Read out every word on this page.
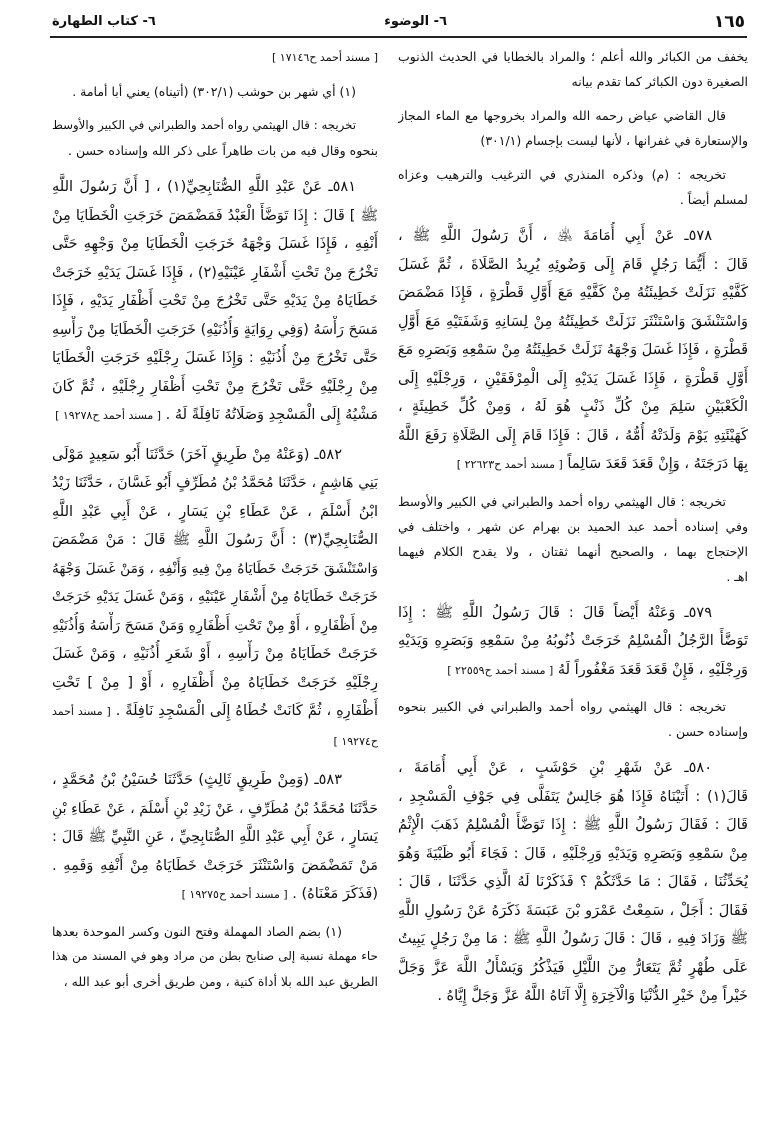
١٦٥
٦- الوضوء
٦- كتاب الطهارة
يخفف من الكبائر والله أعلم ؛ والمراد بالخطايا في الحديث الذنوب
الصغيرة دون الكبائر كما تقدم بيانه
قال القاضي عياض رحمه الله والمراد بخروجها مع الماء المجاز
والإستعارة في غفرانها ، لأنها ليست بإجسام (٣٠١/١)
تخريجه : (م) وذكره المنذري في الترغيب والترهيب وعزاه
لمسلم أيضاً .
٥٧٨ـ عَنْ أَبِي أُمَامَةَ ﵁ ، أَنَّ رَسُولَ اللَّهِ ﷺ ،
قَالَ : أَيُّمَا رَجُلٍ قَامَ إِلَى وَضُوئِهِ يُرِيدُ الصَّلَاةَ ، ثُمَّ غَسَلَ
كَفَّيْهِ نَزَلَتْ خَطِيئَتُهُ مِنْ كَفَّيْهِ مَعَ أَوَّلِ قَطْرَةٍ ، فَإِذَا مَضْمَضَ
وَاسْتَنْشَقَ وَاسْتَنْثَرَ نَزَلَتْ خَطِيئَتُهُ مِنْ لِسَانِهِ وَشَفَتَيْهِ مَعَ أَوَّلِ
قَطْرَةٍ ، فَإِذَا غَسَلَ وَجْهَهُ نَزَلَتْ خَطِيئَتُهُ مِنْ سَمْعِهِ وَبَصَرِهِ مَعَ
أَوَّلِ قَطْرَةٍ ، فَإِذَا غَسَلَ يَدَيْهِ إِلَى الْمِرْفَقَيْنِ ، وَرِجْلَيْهِ إِلَى
الْكَعْبَيْنِ سَلِمَ مِنْ كُلِّ ذَنْبٍ هُوَ لَهُ ، وَمِنْ كُلِّ خَطِيئَةٍ ،
كَهَيْئَتِهِ يَوْمَ وَلَدَتْهُ أُمُّهُ ، قَالَ : فَإِذَا قَامَ إِلَى الصَّلَاةِ رَفَعَ اللَّهُ
بِهَا دَرَجَتَهُ ، وَإِنْ قَعَدَ قَعَدَ سَالِماً [ مسند أحمد ح٢٢٦٢٣ ]
تخريجه : قال الهيثمي رواه أحمد والطبراني في الكبير والأوسط
وفي إسناده أحمد عبد الحميد بن بهرام عن شهر ، واختلف في
الإحتجاج بهما ، والصحيح أنهما ثقتان ، ولا يقدح الكلام فيهما
اهـ .
٥٧٩ـ وَعَنْهُ أَيْضاً قَالَ : قَالَ رَسُولُ اللَّهِ ﷺ : إِذَا
تَوَضَّأَ الرَّجُلُ الْمُسْلِمُ خَرَجَتْ ذُنُوبُهُ مِنْ سَمْعِهِ وَبَصَرِهِ وَيَدَيْهِ
وَرِجْلَيْهِ ، فَإِنْ قَعَدَ قَعَدَ مَغْفُوراً لَهُ [ مسند أحمد ح٢٢٥٥٩ ]
تخريجه : قال الهيثمي رواه أحمد والطبراني في الكبير بنحوه
وإسناده حسن .
٥٨٠ـ عَنْ شَهْرِ بْنِ حَوْشَبٍ ، عَنْ أَبِي أُمَامَةَ ،
قَالَ(١) : أَتَيْنَاهُ فَإِذَا هُوَ جَالِسٌ يَتَفَلَّى فِي جَوْفِ الْمَسْجِدِ ،
قَالَ : فَقَالَ رَسُولُ اللَّهِ ﷺ : إِذَا تَوَضَّأَ الْمُسْلِمُ ذَهَبَ الْإِثْمُ
مِنْ سَمْعِهِ وَبَصَرِهِ وَيَدَيْهِ وَرِجْلَيْهِ ، قَالَ : فَجَاءَ أَبُو ظَبْيَةَ وَهُوَ
يُحَدِّثُنَا ، فَقَالَ : مَا حَدَّثَكُمْ ؟ فَذَكَرْنَا لَهُ الَّذِي حَدَّثَنَا ، قَالَ :
فَقَالَ : أَجَلْ ، سَمِعْتُ عَمْرَو بْنَ عَبَسَةَ ذَكَرَهُ عَنْ رَسُولِ اللَّهِ
ﷺ وَزَادَ فِيهِ ، قَالَ : قَالَ رَسُولُ اللَّهِ ﷺ : مَا مِنْ رَجُلٍ يَبِيتُ
عَلَى طُهْرٍ ثُمَّ يَتَعَارُّ مِنَ اللَّيْلِ فَيَذْكُرُ وَيَسْأَلُ اللَّهَ عَزَّ وَجَلَّ
خَيْراً مِنْ خَيْرِ الدُّنْيَا وَالْآخِرَةِ إِلَّا آتَاهُ اللَّهُ عَزَّ وَجَلَّ إِيَّاهُ .
[ مسند أحمد ح١٧١٤٦ ]
(١) أي شهر بن حوشب (٣٠٢/١) (أتيناه) يعني أبا أمامة .
تخريجه : قال الهيثمي رواه أحمد والطبراني في الكبير والأوسط
بنحوه وقال فيه من بات طاهراً على ذكر الله وإسناده حسن .
٥٨١ـ عَنْ عَبْدِ اللَّهِ الصُّنَابِحِيِّ(١) ، [ أَنَّ رَسُولَ اللَّهِ
ﷺ ] قَالَ : إِذَا تَوَضَّأَ الْعَبْدُ فَمَضْمَضَ خَرَجَتِ الْخَطَايَا مِنْ
أَنْفِهِ ، فَإِذَا غَسَلَ وَجْهَهُ خَرَجَتِ الْخَطَايَا مِنْ وَجْهِهِ حَتَّى
تَخْرُجَ مِنْ تَحْتِ أَشْفَارِ عَيْنَيْهِ(٢) ، فَإِذَا غَسَلَ يَدَيْهِ خَرَجَتْ
خَطَايَاهُ مِنْ يَدَيْهِ حَتَّى تَخْرُجَ مِنْ تَحْتِ أَظْفَارِ يَدَيْهِ ، فَإِذَا
مَسَحَ رَأْسَهُ (وَفِي رِوَايَةٍ وَأُذُنَيْهِ) خَرَجَتِ الْخَطَايَا مِنْ رَأْسِهِ
حَتَّى تَخْرُجَ مِنْ أُذُنَيْهِ : وَإِذَا غَسَلَ رِجْلَيْهِ خَرَجَتِ الْخَطَايَا
مِنْ رِجْلَيْهِ حَتَّى تَخْرُجَ مِنْ تَحْتِ أَظْفَارِ رِجْلَيْهِ ، ثُمَّ كَانَ
مَشْيُهُ إِلَى الْمَسْجِدِ وَصَلَاتُهُ نَافِلَةً لَهُ . [ مسند أحمد ح١٩٢٧٨ ]
٥٨٢ـ (وَعَنْهُ مِنْ طَرِيقٍ آخَرَ) حَدَّثَنَا أَبُو سَعِيدٍ مَوْلَى
بَنِي هَاشِمٍ ، حَدَّثَنَا مُحَمَّدُ بْنُ مُطَرِّفٍ أَبُو غَسَّانَ ، حَدَّثَنَا زَيْدُ
ابْنُ أَسْلَمَ ، عَنْ عَطَاءِ بْنِ يَسَارٍ ، عَنْ أَبِي عَبْدِ اللَّهِ
الصُّنَابِحِيِّ(٣) : أَنَّ رَسُولَ اللَّهِ ﷺ قَالَ : مَنْ مَضْمَضَ
وَاسْتَنْشَقَ خَرَجَتْ خَطَايَاهُ مِنْ فِيهِ وَأَنْفِهِ ، وَمَنْ غَسَلَ وَجْهَهُ
خَرَجَتْ خَطَايَاهُ مِنْ أَشْفَارِ عَيْنَيْهِ ، وَمَنْ غَسَلَ يَدَيْهِ خَرَجَتْ
مِنْ أَظْفَارِهِ ، أَوْ مِنْ تَحْتِ أَظْفَارِهِ وَمَنْ مَسَحَ رَأْسَهُ وَأُذُنَيْهِ
خَرَجَتْ خَطَايَاهُ مِنْ رَأْسِهِ ، أَوْ شَعَرِ أُذُنَيْهِ ، وَمَنْ غَسَلَ
رِجْلَيْهِ خَرَجَتْ خَطَايَاهُ مِنْ أَظْفَارِهِ ، أَوْ [ مِنْ ] تَحْتِ
أَظْفَارِهِ ، ثُمَّ كَانَتْ خُطَاهُ إِلَى الْمَسْجِدِ نَافِلَةً . [ مسند أحمد
ح١٩٢٧٤ ]
٥٨٣ـ (وَمِنْ طَرِيقٍ ثَالِثٍ) حَدَّثَنَا حُسَيْنُ بْنُ مُحَمَّدٍ ،
حَدَّثَنَا مُحَمَّدُ بْنُ مُطَرِّفٍ ، عَنْ زَيْدِ بْنِ أَسْلَمَ ، عَنْ عَطَاءِ بْنِ
يَسَارٍ ، عَنْ أَبِي عَبْدِ اللَّهِ الصُّنَابِحِيِّ ، عَنِ النَّبِيِّ ﷺ قَالَ :
مَنْ تَمَضْمَضَ وَاسْتَنْثَرَ خَرَجَتْ خَطَايَاهُ مِنْ أَنْفِهِ وَفَمِهِ .
(فَذَكَرَ مَعْنَاهُ) . [ مسند أحمد ح١٩٢٧٥ ]
(١) بضم الصاد المهملة وفتح النون وكسر الموحدة بعدها
حاء مهملة نسبة إلى صنابح بطن من مراد وهو في المسند من هذا
الطريق عبد الله بلا أداة كنية ، ومن طريق أخرى أبو عبد الله ،
